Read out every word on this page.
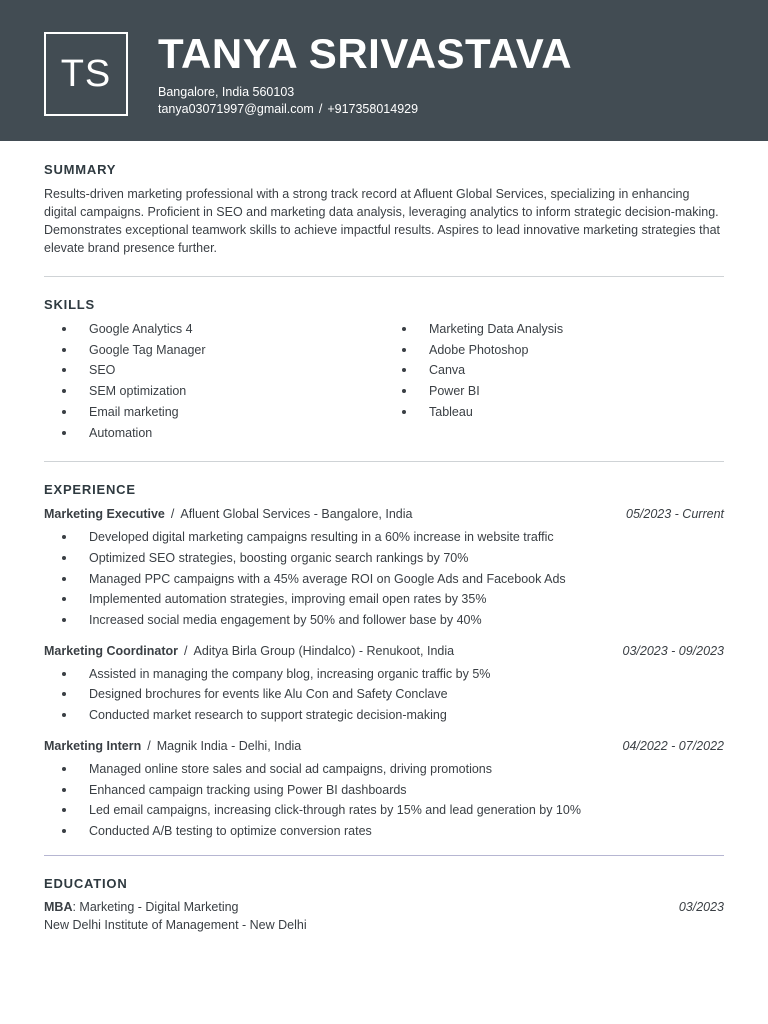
TS	TANYA SRIVASTAVA
Bangalore, India 560103
tanya03071997@gmail.com / +917358014929
SUMMARY
Results-driven marketing professional with a strong track record at Afluent Global Services, specializing in enhancing digital campaigns. Proficient in SEO and marketing data analysis, leveraging analytics to inform strategic decision-making. Demonstrates exceptional teamwork skills to achieve impactful results. Aspires to lead innovative marketing strategies that elevate brand presence further.
SKILLS
Google Analytics 4
Google Tag Manager
SEO
SEM optimization
Email marketing
Automation
Marketing Data Analysis
Adobe Photoshop
Canva
Power BI
Tableau
EXPERIENCE
Marketing Executive / Afluent Global Services - Bangalore, India	05/2023 - Current
Developed digital marketing campaigns resulting in a 60% increase in website traffic
Optimized SEO strategies, boosting organic search rankings by 70%
Managed PPC campaigns with a 45% average ROI on Google Ads and Facebook Ads
Implemented automation strategies, improving email open rates by 35%
Increased social media engagement by 50% and follower base by 40%
Marketing Coordinator / Aditya Birla Group (Hindalco) - Renukoot, India	03/2023 - 09/2023
Assisted in managing the company blog, increasing organic traffic by 5%
Designed brochures for events like Alu Con and Safety Conclave
Conducted market research to support strategic decision-making
Marketing Intern / Magnik India - Delhi, India	04/2022 - 07/2022
Managed online store sales and social ad campaigns, driving promotions
Enhanced campaign tracking using Power BI dashboards
Led email campaigns, increasing click-through rates by 15% and lead generation by 10%
Conducted A/B testing to optimize conversion rates
EDUCATION
MBA: Marketing - Digital Marketing	03/2023
New Delhi Institute of Management - New Delhi
